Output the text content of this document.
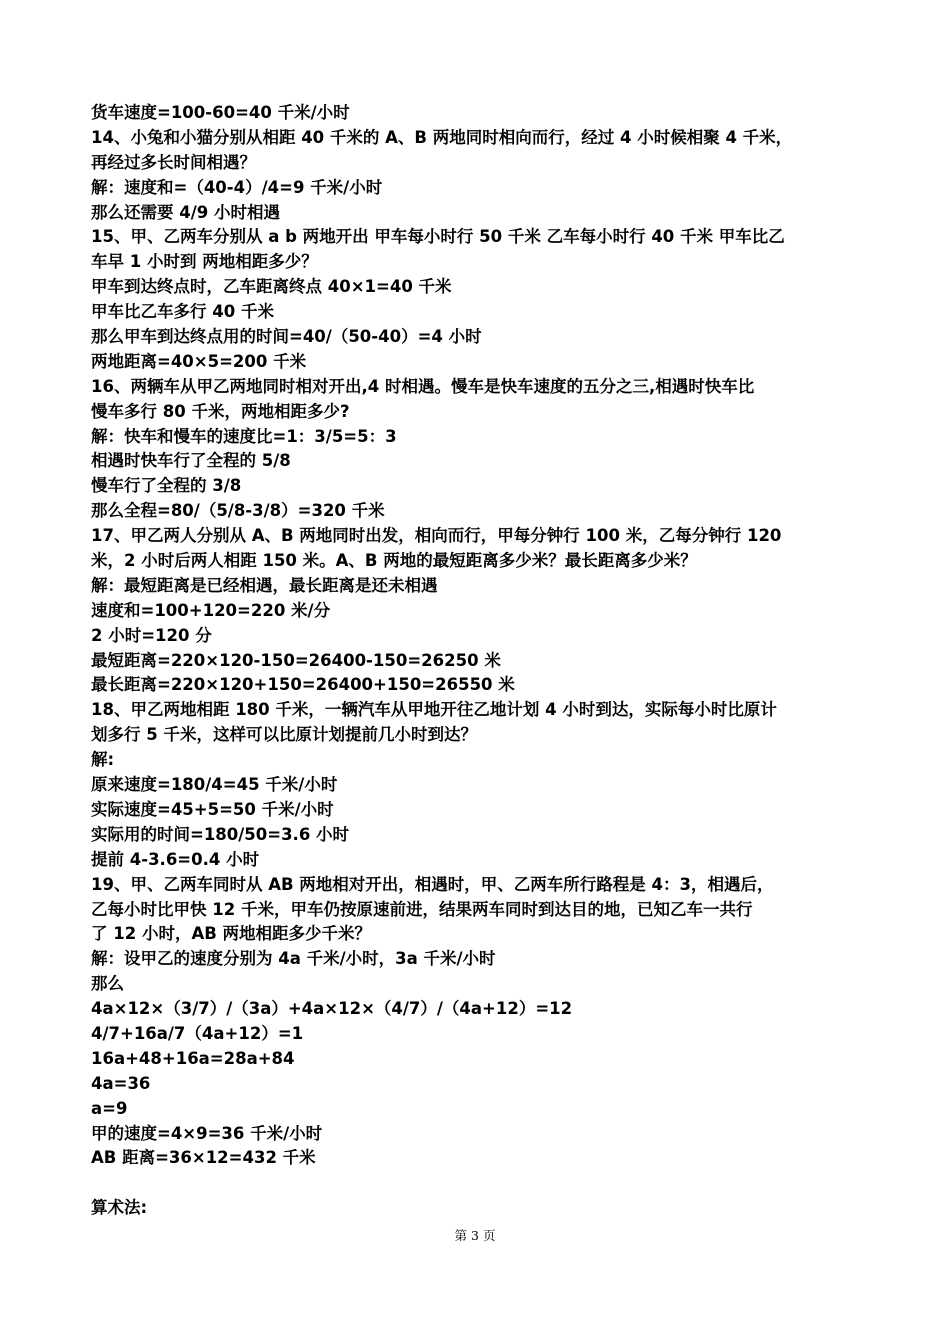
货车速度=100-60=40 千米/小时
14、小兔和小猫分别从相距 40 千米的 A、B 两地同时相向而行，经过 4 小时候相聚 4 千米，
再经过多长时间相遇？
解：速度和=（40-4）/4=9 千米/小时
那么还需要 4/9 小时相遇
15、甲、乙两车分别从 a b 两地开出 甲车每小时行 50 千米 乙车每小时行 40 千米 甲车比乙
车早 1 小时到 两地相距多少？
甲车到达终点时，乙车距离终点 40×1=40 千米
甲车比乙车多行 40 千米
那么甲车到达终点用的时间=40/（50-40）=4 小时
两地距离=40×5=200 千米
16、两辆车从甲乙两地同时相对开出,4 时相遇。慢车是快车速度的五分之三,相遇时快车比
慢车多行 80 千米，两地相距多少?
解：快车和慢车的速度比=1：3/5=5：3
相遇时快车行了全程的 5/8
慢车行了全程的 3/8
那么全程=80/（5/8-3/8）=320 千米
17、甲乙两人分别从 A、B 两地同时出发，相向而行，甲每分钟行 100 米，乙每分钟行 120
米，2 小时后两人相距 150 米。A、B 两地的最短距离多少米？最长距离多少米？
解：最短距离是已经相遇，最长距离是还未相遇
速度和=100+120=220 米/分
2 小时=120 分
最短距离=220×120-150=26400-150=26250 米
最长距离=220×120+150=26400+150=26550 米
18、甲乙两地相距 180 千米，一辆汽车从甲地开往乙地计划 4 小时到达，实际每小时比原计
划多行 5 千米，这样可以比原计划提前几小时到达？
解:
原来速度=180/4=45 千米/小时
实际速度=45+5=50 千米/小时
实际用的时间=180/50=3.6 小时
提前 4-3.6=0.4 小时
19、甲、乙两车同时从 AB 两地相对开出，相遇时，甲、乙两车所行路程是 4：3，相遇后，
乙每小时比甲快 12 千米，甲车仍按原速前进，结果两车同时到达目的地，已知乙车一共行
了 12 小时，AB 两地相距多少千米？
解：设甲乙的速度分别为 4a 千米/小时，3a 千米/小时
那么
4a×12×（3/7）/（3a）+4a×12×（4/7）/（4a+12）=12
4/7+16a/7（4a+12）=1
16a+48+16a=28a+84
4a=36
a=9
甲的速度=4×9=36 千米/小时
AB 距离=36×12=432 千米
算术法:
第 3 页
